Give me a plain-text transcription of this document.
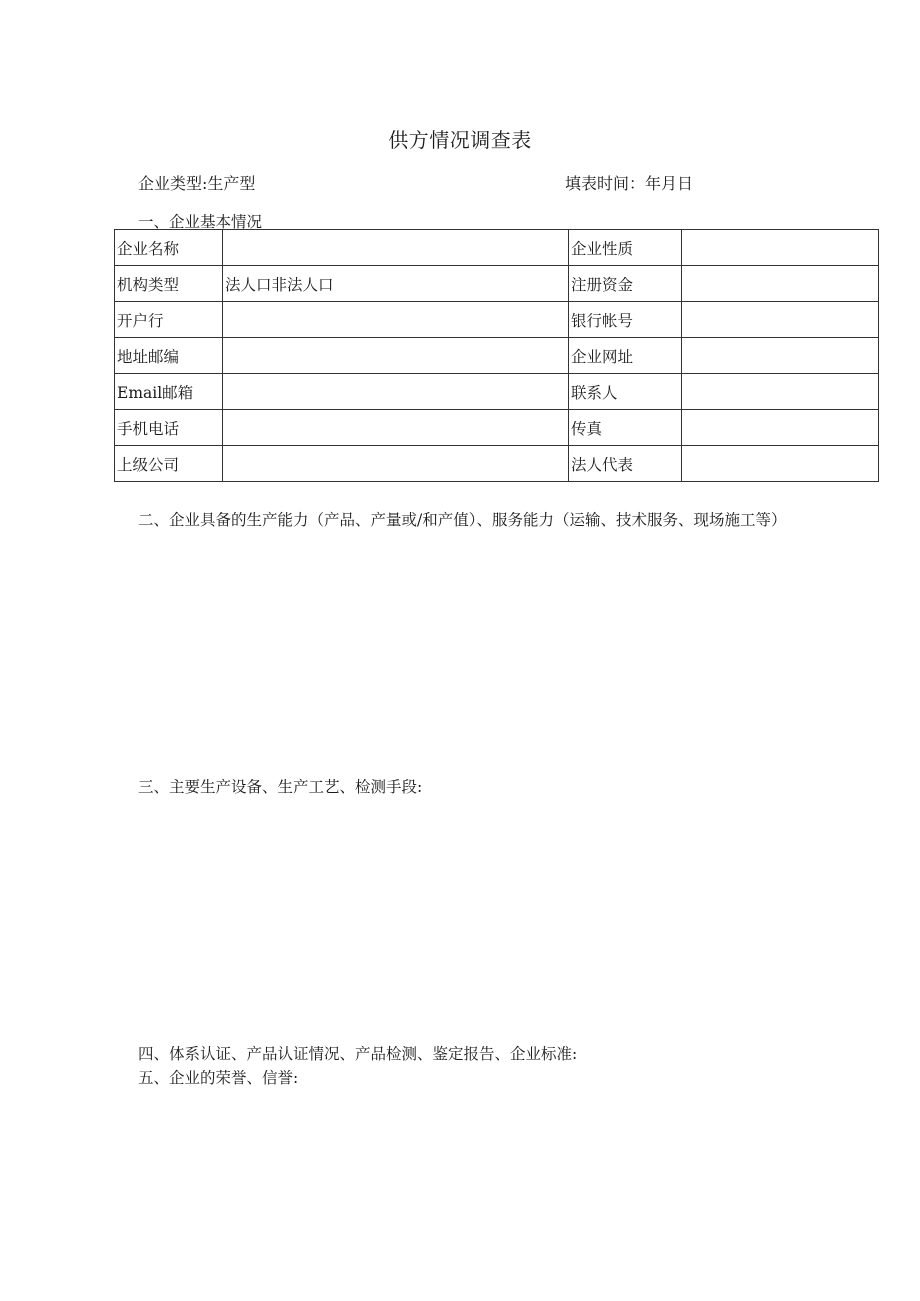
供方情况调查表
企业类型:生产型	填表时间：年月日
一、企业基本情况
企业名称		企业性质	
机构类型	法人口非法人口	注册资金	
开户行		银行帐号	
地址邮编		企业网址	
Email邮箱		联系人	
手机电话		传真	
上级公司		法人代表	
二、企业具备的生产能力（产品、产量或/和产值）、服务能力（运输、技术服务、现场施工等）
三、主要生产设备、生产工艺、检测手段:
四、体系认证、产品认证情况、产品检测、鉴定报告、企业标准:
五、企业的荣誉、信誉:
